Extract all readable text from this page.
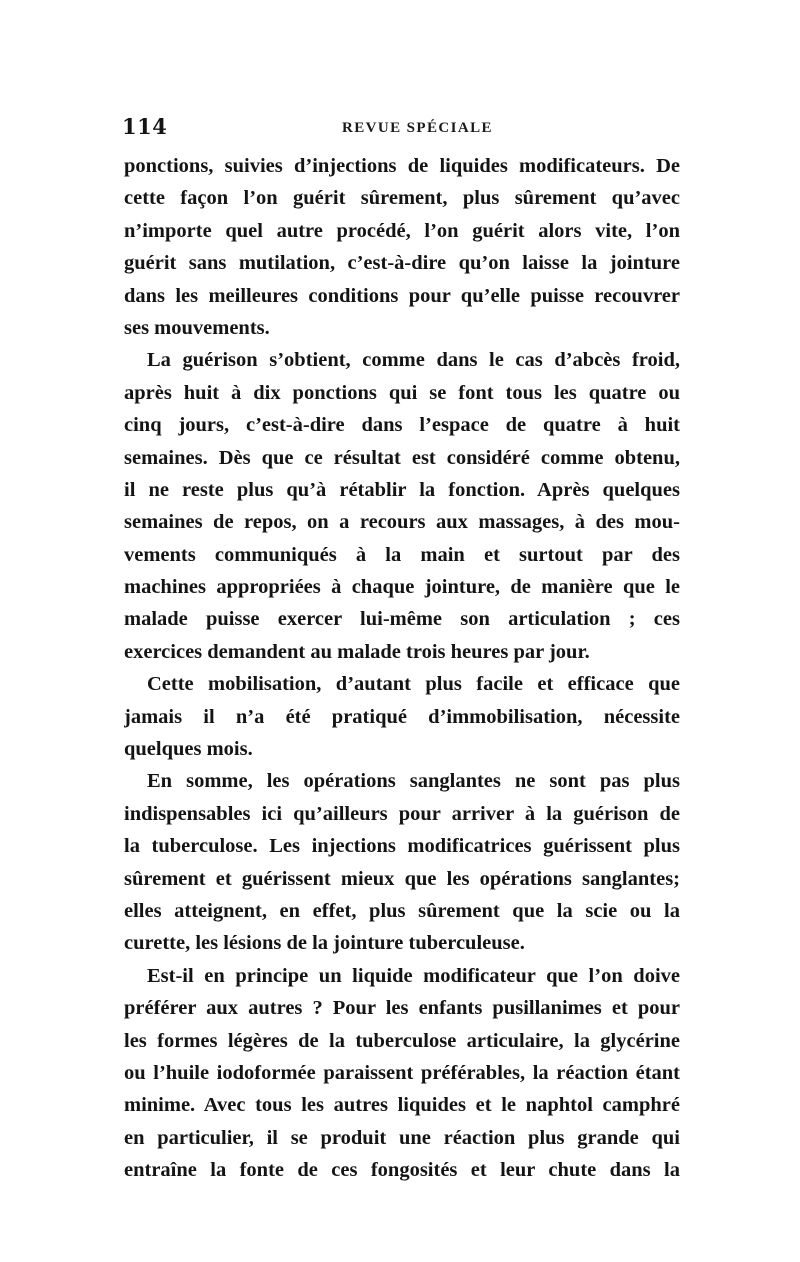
114	REVUE SPÉCIALE
ponctions, suivies d’injections de liquides modificateurs. De
cette façon l’on guérit sûrement, plus sûrement qu’avec
n’importe quel autre procédé, l’on guérit alors vite, l’on
guérit sans mutilation, c’est-à-dire qu’on laisse la jointure
dans les meilleures conditions pour qu’elle puisse recouvrer
ses mouvements.
La guérison s’obtient, comme dans le cas d’abcès froid,
après huit à dix ponctions qui se font tous les quatre ou
cinq jours, c’est-à-dire dans l’espace de quatre à huit
semaines. Dès que ce résultat est considéré comme obtenu,
il ne reste plus qu’à rétablir la fonction. Après quelques
semaines de repos, on a recours aux massages, à des mou-
vements communiqués à la main et surtout par des
machines appropriées à chaque jointure, de manière que le
malade puisse exercer lui-même son articulation ; ces
exercices demandent au malade trois heures par jour.
Cette mobilisation, d’autant plus facile et efficace que
jamais il n’a été pratiqué d’immobilisation, nécessite
quelques mois.
En somme, les opérations sanglantes ne sont pas plus
indispensables ici qu’ailleurs pour arriver à la guérison de
la tuberculose. Les injections modificatrices guérissent plus
sûrement et guérissent mieux que les opérations sanglantes;
elles atteignent, en effet, plus sûrement que la scie ou la
curette, les lésions de la jointure tuberculeuse.
Est-il en principe un liquide modificateur que l’on doive
préférer aux autres ? Pour les enfants pusillanimes et pour
les formes légères de la tuberculose articulaire, la glycérine
ou l’huile iodoformée paraissent préférables, la réaction étant
minime. Avec tous les autres liquides et le naphtol camphré
en particulier, il se produit une réaction plus grande qui
entraîne la fonte de ces fongosités et leur chute dans la
